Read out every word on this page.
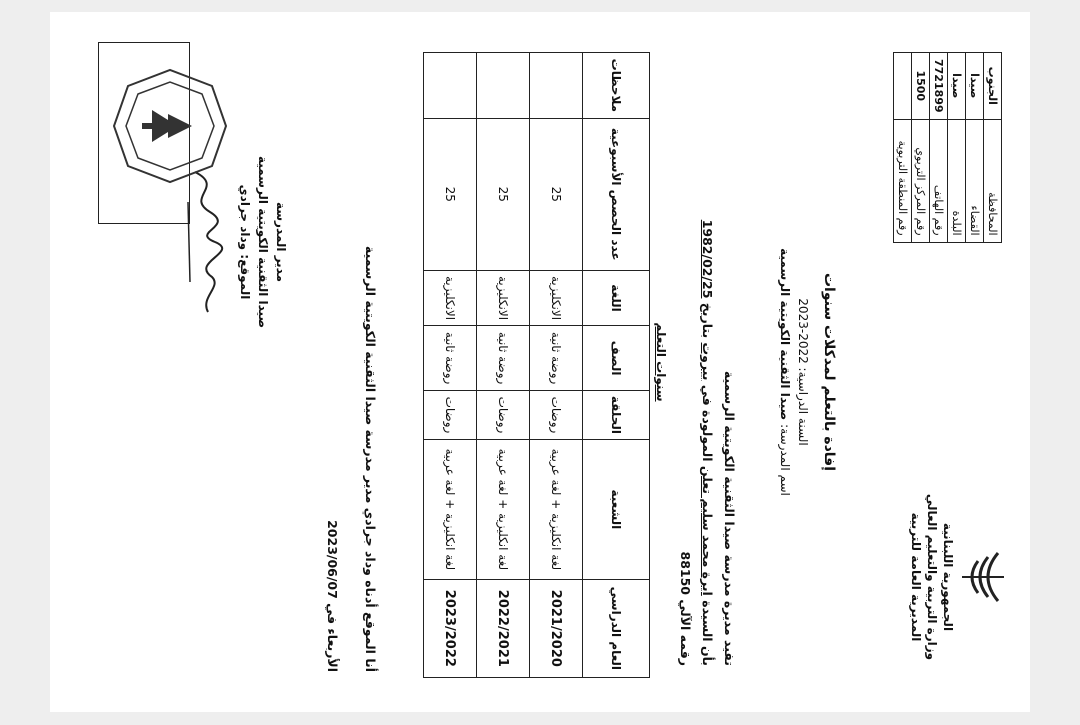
الجمهورية اللبنانية
وزارة التربية والتعليم العالي
المديرية العامة للتربية
المحافظة	الجنوب
القضاء	صيدا
البلدة	صيدا
رقم الهاتف	7721899
رقم المركز التربوي	1500
رقم المنطقة التربوية	
إفادة بالتعلم لمدكلات سنوات
السنة الدراسية: 2022-2023
اسم المدرسة: صيدا الثقنية الكويتية الرسمية
تفيد مديرة مدرسة صيدا الثقنية الكويتية الرسمية
بأن السيدة ايرة محمد سليم تعلن المولودة في بيروت بتاريخ 1982/02/25
رقمه الآلي 88150
سنوات التعلم
العام الدراسي	الشعبة	الحلقة	الصف	اللغة	عدد الحصص الأسبوعية	ملاحظات
2021/2020	لغة انكليزية + لغة عربية	روضات	روضة ثانية	الانكليزية	25	
2022/2021	لغة انكليزية + لغة عربية	روضات	روضة ثانية	الانكليزية	25	
2023/2022	لغة انكليزية + لغة عربية	روضات	روضة ثانية	الانكليزية	25	
أنا الموقع أدناه وداد جرادي مدير مدرسة صيدا الثقنية الكويتية الرسمية
الأربعاء في 2023/06/07
مدير المدرسة
صيدا الثقنية الكويتية الرسمية
الموقع: وداد جرادي
